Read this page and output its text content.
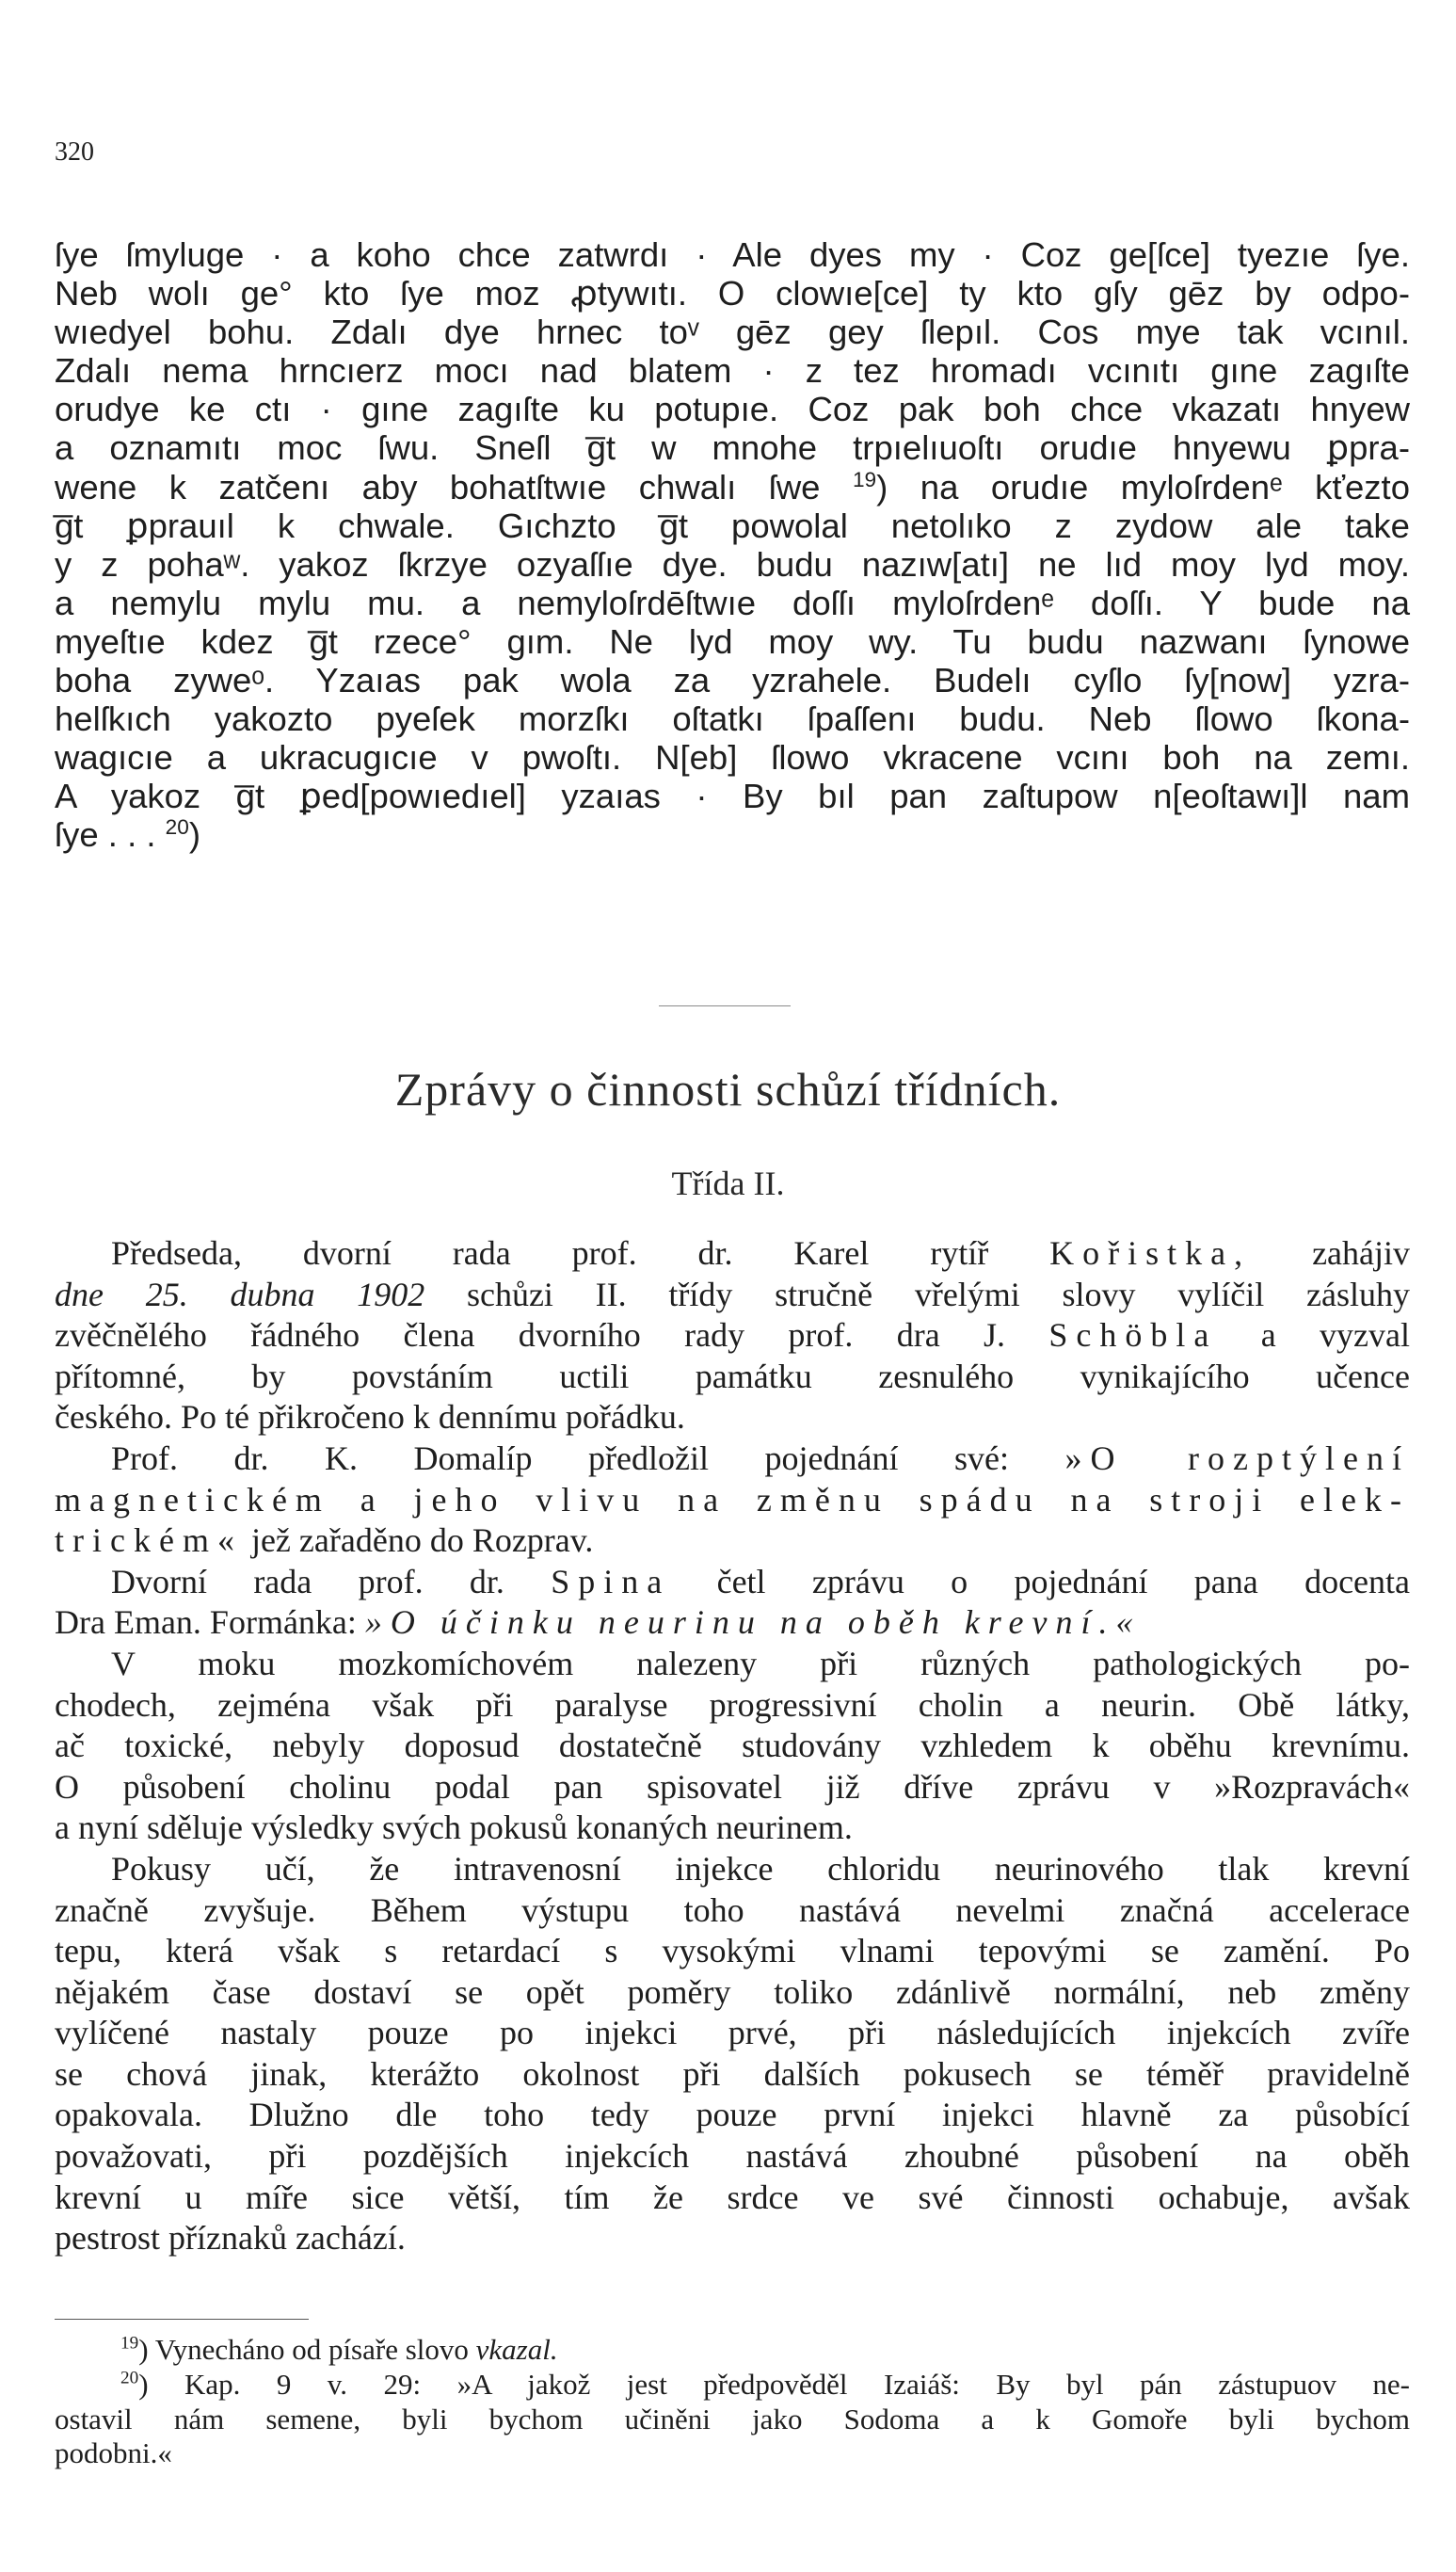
320
ſye ſmyluge · a koho chce zatwrdı · Ale dyes my · Coz ge[ſce] tyezıe ſye.
Neb wolı ge° kto ſye moz ꝓtywıtı. O clowıe[ce] ty kto gſy gēz by odpo-
wıedyel bohu. Zdalı dye hrnec toᵛ gēz gey ſlepıl. Cos mye tak vcınıl.
Zdalı nema hrncıerz mocı nad blatem · z tez hromadı vcınıtı gıne zagıſte
orudye ke ctı · gıne zagıſte ku potupıe. Coz pak boh chce vkazatı hnyew
a oznamıtı moc ſwu. Sneſl g̅t w mnohe trpıelıuoſtı orudıe hnyewu ꝑpra-
wene k zatčenı aby bohatſtwıe chwalı ſwe $^{19}$) na orudıe myloſrdenᵉ kťezto
g̅t ꝑprauıl k chwale. Gıchzto g̅t powolal netolıko z zydow ale take
y z pohaʷ. yakoz ſkrzye ozyaſſıe dye. budu nazıw[atı] ne lıd moy lyd moy.
a nemylu mylu mu. a nemyloſrdēſtwıe doſſı myloſrdenᵉ doſſı. Y bude na
myeſtıe kdez g̅t rzece° gım. Ne lyd moy wy. Tu budu nazwanı ſynowe
boha zyweᵒ. Yzaıas pak wola za yzrahele. Budelı cyſlo ſy[now] yzra-
helſkıch yakozto pyeſek morzſkı oſtatkı ſpaſſenı budu. Neb ſlowo ſkona-
wagıcıe a ukracugıcıe v pwoſtı. N[eb] ſlowo vkracene vcını boh na zemı.
A yakoz g̅t ꝑed[powıedıel] yzaıas · By bıl pan zaſtupow n[eoſtawı]l nam
ſye . . . $^{20}$)
Zprávy o činnosti schůzí třídních.
Třída II.
Předseda, dvorní rada prof. dr. Karel rytíř Kořistka, zahájiv
dne 25. dubna 1902 schůzi II. třídy stručně vřelými slovy vylíčil zásluhy
zvěčnělého řádného člena dvorního rady prof. dra J. Schöbla a vyzval
přítomné, by povstáním uctili památku zesnulého vynikajícího učence
českého. Po té přikročeno k dennímu pořádku.
Prof. dr. K. Domalíp předložil pojednání své: »O rozptýlení
magnetickém a jeho vlivu na změnu spádu na stroji elek-
trickém« jež zařaděno do Rozprav.
Dvorní rada prof. dr. Spina četl zprávu o pojednání pana docenta
Dra Eman. Formánka: »O účinku neurinu na oběh krevní.«
V moku mozkomíchovém nalezeny při různých pathologických po-
chodech, zejména však při paralyse progressivní cholin a neurin. Obě látky,
ač toxické, nebyly doposud dostatečně studovány vzhledem k oběhu krevnímu.
O působení cholinu podal pan spisovatel již dříve zprávu v »Rozpravách«
a nyní sděluje výsledky svých pokusů konaných neurinem.
Pokusy učí, že intravenosní injekce chloridu neurinového tlak krevní
značně zvyšuje. Během výstupu toho nastává nevelmi značná accelerace
tepu, která však s retardací s vysokými vlnami tepovými se zamění. Po
nějakém čase dostaví se opět poměry toliko zdánlivě normální, neb změny
vylíčené nastaly pouze po injekci prvé, při následujících injekcích zvíře
se chová jinak, kterážto okolnost při dalších pokusech se téměř pravidelně
opakovala. Dlužno dle toho tedy pouze první injekci hlavně za působící
považovati, při pozdějších injekcích nastává zhoubné působení na oběh
krevní u míře sice větší, tím že srdce ve své činnosti ochabuje, avšak
pestrost příznaků zachází.
$^{19}$) Vynecháno od písaře slovo vkazal.
$^{20}$) Kap. 9 v. 29: »A jakož jest předpověděl Izaiáš: By byl pán zástupuov ne-
ostavil nám semene, byli bychom učiněni jako Sodoma a k Gomoře byli bychom
podobni.«
